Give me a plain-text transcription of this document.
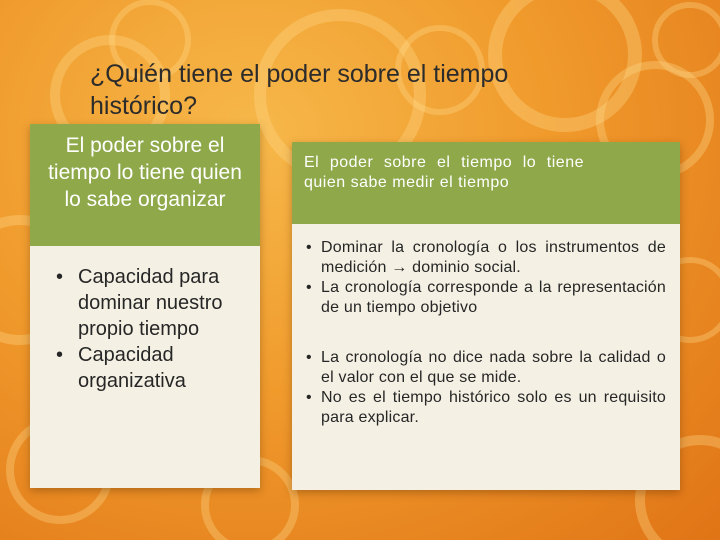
¿Quién tiene el poder sobre el tiempo histórico?
El poder sobre el tiempo lo tiene quien lo sabe organizar
• Capacidad para dominar nuestro propio tiempo
• Capacidad organizativa
El poder sobre el tiempo lo tiene quien sabe medir el tiempo
• Dominar la cronología o los instrumentos de medición → dominio social.
• La cronología corresponde a la representación de un tiempo objetivo
• La cronología no dice nada sobre la calidad o el valor con el que se mide.
• No es el tiempo histórico solo es un requisito para explicar.
